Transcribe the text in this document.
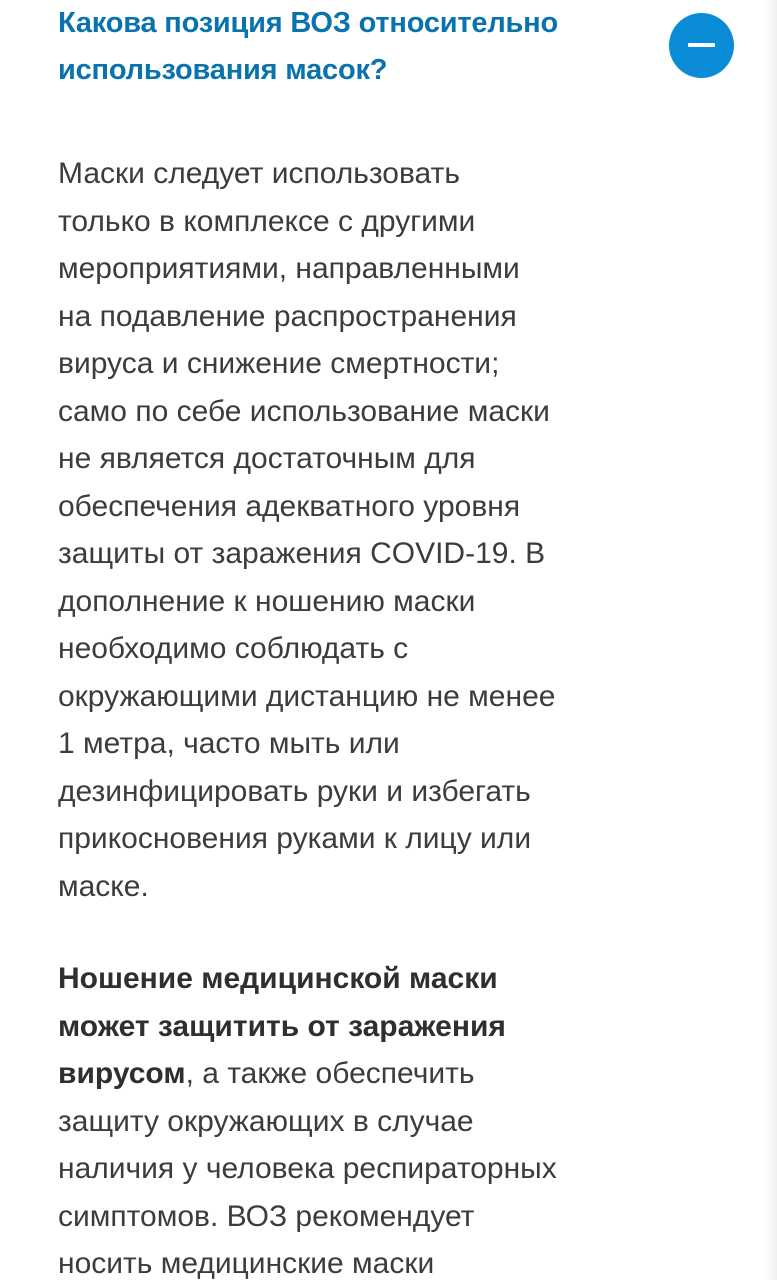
Какова позиция ВОЗ относительно использования масок?

Маски следует использовать
только в комплексе с другими
мероприятиями, направленными
на подавление распространения
вируса и снижение смертности;
само по себе использование маски
не является достаточным для
обеспечения адекватного уровня
защиты от заражения COVID-19. В
дополнение к ношению маски
необходимо соблюдать с
окружающими дистанцию не менее
1 метра, часто мыть или
дезинфицировать руки и избегать
прикосновения руками к лицу или
маске.

Ношение медицинской маски
может защитить от заражения
вирусом, а также обеспечить
защиту окружающих в случае
наличия у человека респираторных
симптомов. ВОЗ рекомендует
носить медицинские маски
